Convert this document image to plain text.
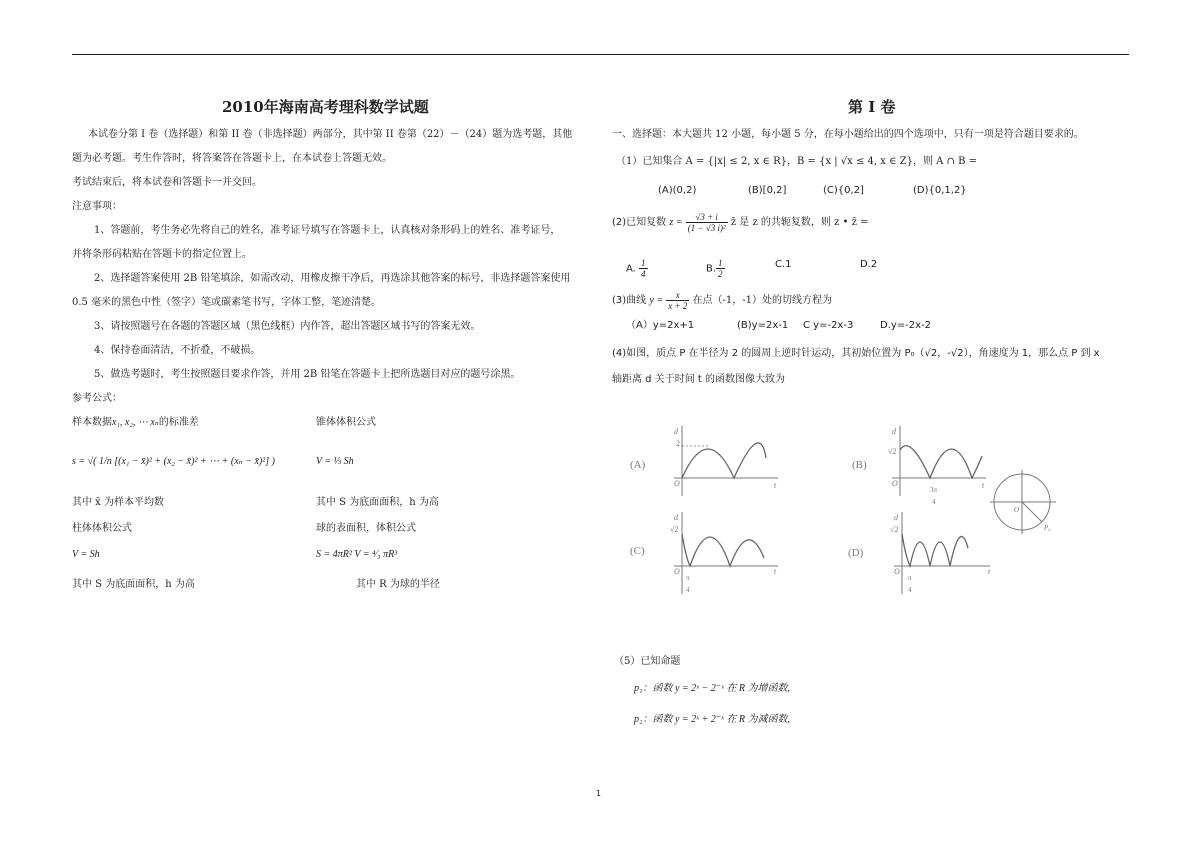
2010年海南高考理科数学试题
本试卷分第 I 卷（选择题）和第 II 卷（非选择题）两部分，其中第 II 卷第（22）－（24）题为选考题，其他
题为必考题。考生作答时，将答案答在答题卡上，在本试卷上答题无效。
考试结束后，将本试卷和答题卡一并交回。
注意事项：
1、答题前，考生务必先将自己的姓名，准考证号填写在答题卡上，认真核对条形码上的姓名、准考证号，
并将条形码粘贴在答题卡的指定位置上。
2、选择题答案使用 2B 铅笔填涂，如需改动，用橡皮擦干净后，再选涂其他答案的标号，非选择题答案使用
0.5 毫米的黑色中性（签字）笔或碳素笔书写，字体工整，笔迹清楚。
3、请按照题号在各题的答题区域（黑色线框）内作答，超出答题区域书写的答案无效。
4、保持卷面清洁，不折叠，不破损。
5、做选考题时，考生按照题目要求作答，并用 2B 铅笔在答题卡上把所选题目对应的题号涂黑。
参考公式：
样本数据x₁, x₂, ⋯ xₙ的标准差	锥体体积公式
s = √( 1/n [(x₁ − x̄)² + (x₂ − x̄)² + ⋯ + (xₙ − x̄)²] )	V = ⅓ Sh
其中 x̄ 为样本平均数	其中 S 为底面面积，h 为高
柱体体积公式	球的表面积，体积公式
V = Sh	S = 4πR² V = ⁴⁄₃ πR³
其中 S 为底面面积，h 为高	其中 R 为球的半径
第 I 卷
一、选择题：本大题共 12 小题，每小题 5 分，在每小题给出的四个选项中，只有一项是符合题目要求的。
（1）已知集合 A = {|x| ≤ 2, x ∈ R}，B = {x | √x ≤ 4, x ∈ Z}，则 A ∩ B =
(A)(0,2)	(B)[0,2]	(C){0,2]	(D){0,1,2}
(2)已知复数 $z = \frac{√3 + i}{\text{(1 − √3 i)²}}$ z̄ 是 z 的共轭复数，则 z • z̄ =
A. $\frac{1}{4}$	B. $\frac{1}{2}$	C.1	D.2
(3)曲线 $y = \frac{x}{x + 2}$ 在点（-1，-1）处的切线方程为
（A）y=2x+1	(B)y=2x-1 C y=-2x-3	D.y=-2x-2
(4)如图，质点 P 在半径为 2 的圆周上逆时针运动，其初始位置为 P₀（√2，-√2），角速度为 1，那么点 P 到 x
轴距离 d 关于时间 t 的函数图像大致为
(A)
d
2
O	t
(B)
d
√2
O	t
3π
4
O
P₀
(C)
d
√2
O	t
π
4
(D)
d
√2
O	t
π
4
（5）已知命题
p₁：函数 y = 2ˣ − 2⁻ˣ 在 R 为增函数,
p₂：函数 y = 2ˣ + 2⁻ˣ 在 R 为减函数,
1
